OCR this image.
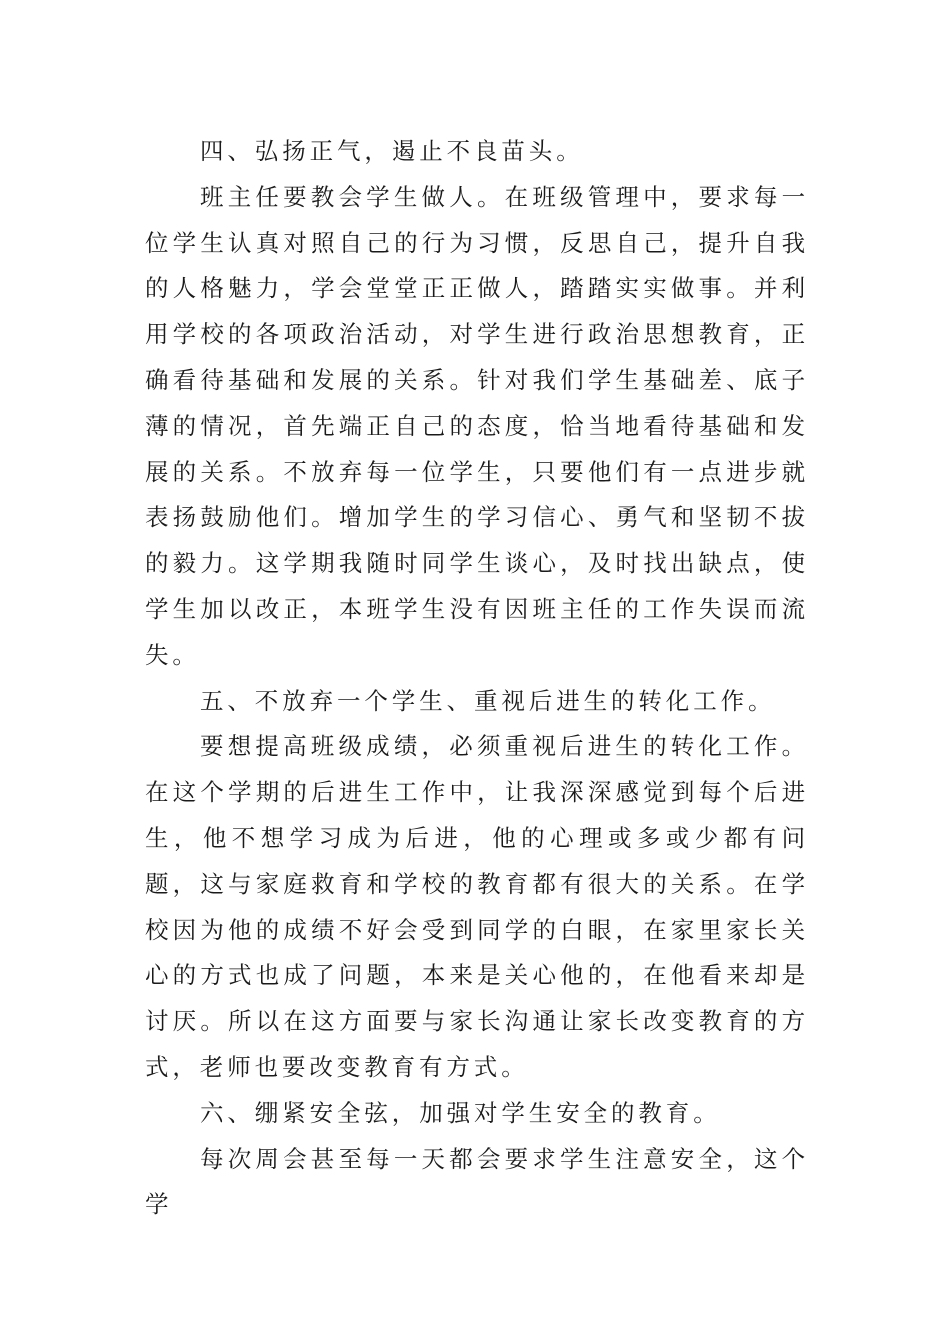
四、弘扬正气，遏止不良苗头。

班主任要教会学生做人。在班级管理中，要求每一位学生认真对照自己的行为习惯，反思自己，提升自我的人格魅力，学会堂堂正正做人，踏踏实实做事。并利用学校的各项政治活动，对学生进行政治思想教育，正确看待基础和发展的关系。针对我们学生基础差、底子薄的情况，首先端正自己的态度，恰当地看待基础和发展的关系。不放弃每一位学生，只要他们有一点进步就表扬鼓励他们。增加学生的学习信心、勇气和坚韧不拔的毅力。这学期我随时同学生谈心，及时找出缺点，使学生加以改正，本班学生没有因班主任的工作失误而流失。

五、不放弃一个学生、重视后进生的转化工作。

要想提高班级成绩，必须重视后进生的转化工作。在这个学期的后进生工作中，让我深深感觉到每个后进生，他不想学习成为后进，他的心理或多或少都有问题，这与家庭救育和学校的教育都有很大的关系。在学校因为他的成绩不好会受到同学的白眼，在家里家长关心的方式也成了问题，本来是关心他的，在他看来却是讨厌。所以在这方面要与家长沟通让家长改变教育的方式，老师也要改变教育有方式。

六、绷紧安全弦，加强对学生安全的教育。

每次周会甚至每一天都会要求学生注意安全，这个学
